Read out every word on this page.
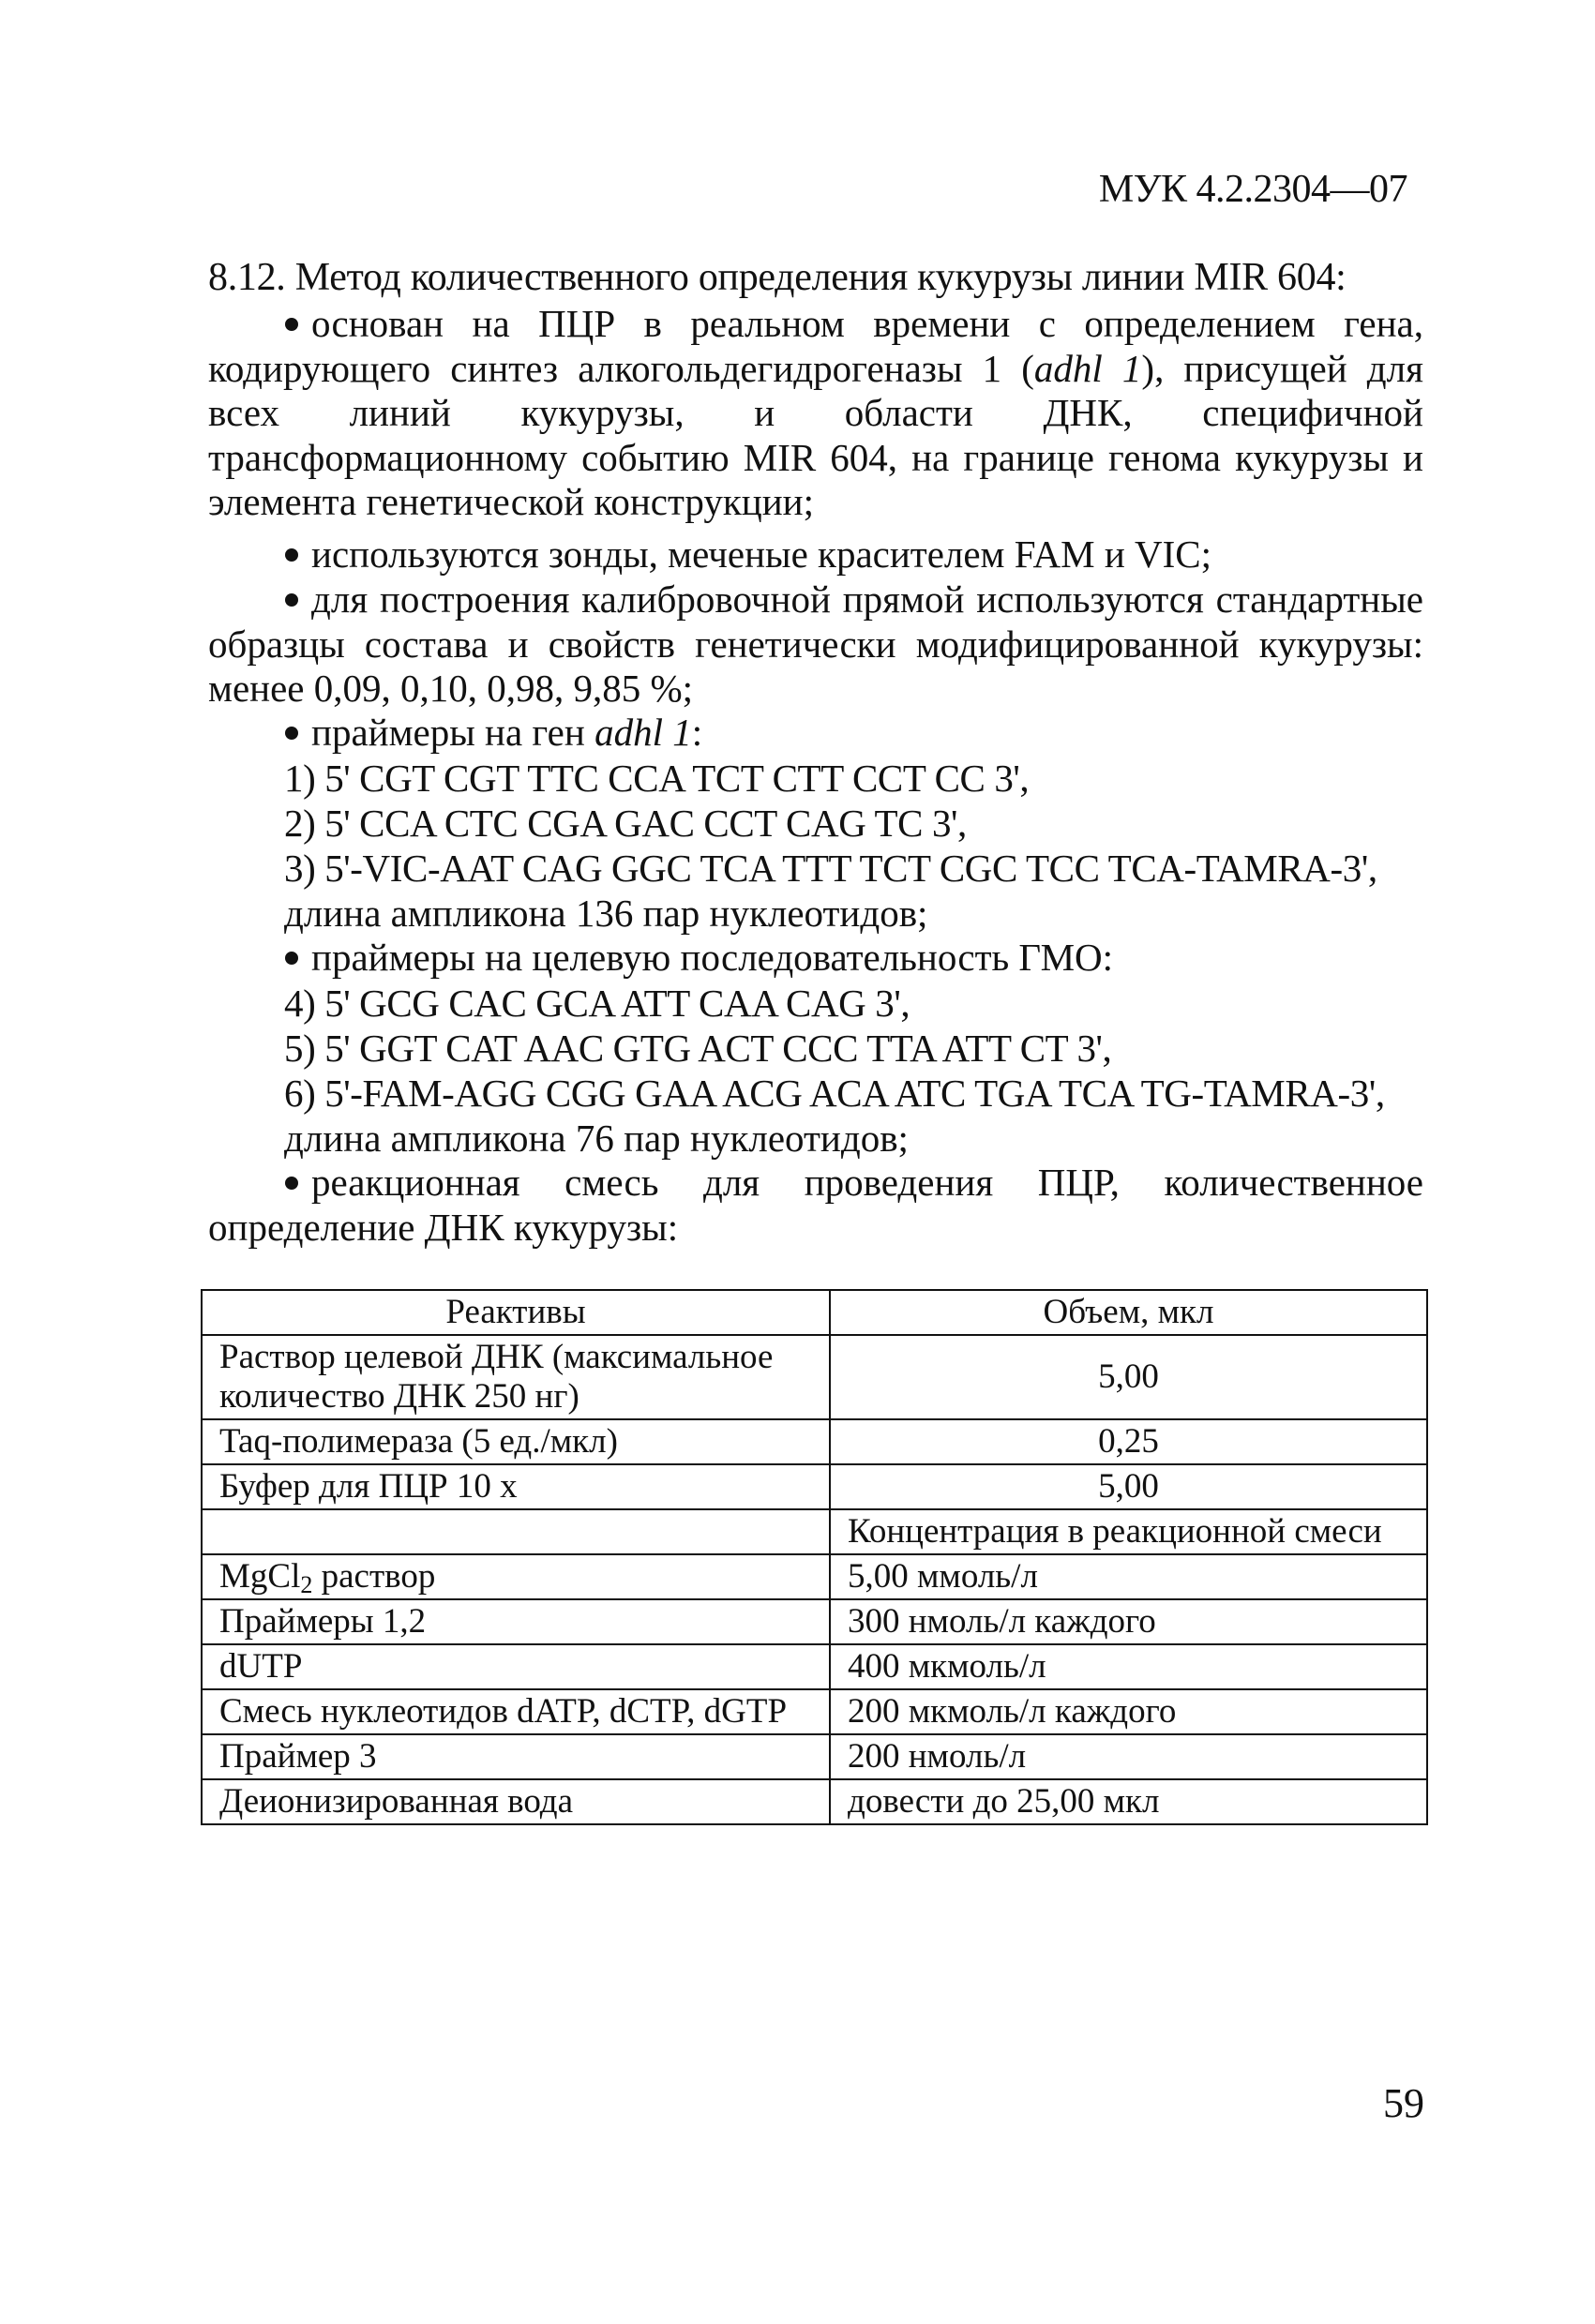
МУК 4.2.2304—07

8.12. Метод количественного определения кукурузы линии MIR 604:

основан на ПЦР в реальном времени с определением гена, кодирующего синтез алкогольдегидрогеназы 1 (adhl 1), присущей для всех линий кукурузы, и области ДНК, специфичной трансформационному событию MIR 604, на границе генома кукурузы и элемента генетической конструкции;

используются зонды, меченые красителем FAM и VIC;

для построения калибровочной прямой используются стандартные образцы состава и свойств генетически модифицированной кукурузы: менее 0,09, 0,10, 0,98, 9,85 %;

праймеры на ген adhl 1:

1) 5' CGT CGT TTC CCA TCT CTT CCT CC 3',

2) 5' CCA CTC CGA GAC CCT CAG TC 3',

3) 5'-VIC-AAT CAG GGC TCA TTT TCT CGC TCC TCA-TAMRA-3',

длина ампликона 136 пар нуклеотидов;

праймеры на целевую последовательность ГМО:

4) 5' GCG CAC GCA ATT CAA CAG 3',

5) 5' GGT CAT AAC GTG ACT CCC TTA ATT CT 3',

6) 5'-FAM-AGG CGG GAA ACG ACA ATC TGA TCA TG-TAMRA-3',

длина ампликона 76 пар нуклеотидов;

реакционная смесь для проведения ПЦР, количественное определение ДНК кукурузы:

Реактивы	Объем, мкл
Раствор целевой ДНК (максимальное количество ДНК 250 нг)	5,00
Taq-полимераза (5 ед./мкл)	0,25
Буфер для ПЦР 10 х	5,00
	Концентрация в реакционной смеси
MgCl$_2$ раствор	5,00 ммоль/л
Праймеры 1,2	300 нмоль/л каждого
dUTP	400 мкмоль/л
Смесь нуклеотидов dATP, dCTP, dGTP	200 мкмоль/л каждого
Праймер 3	200 нмоль/л
Деионизированная вода	довести до 25,00 мкл

59
